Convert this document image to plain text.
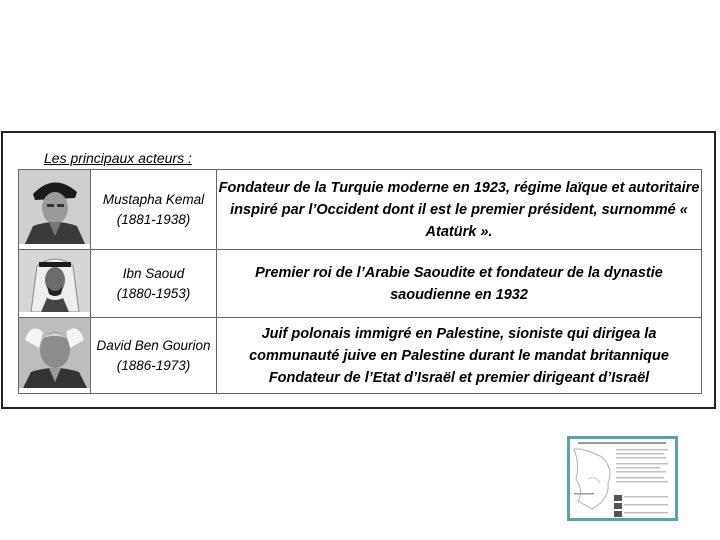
Les principaux acteurs :

Mustapha Kemal
(1881-1938)	Fondateur de la Turquie moderne en 1923, régime laïque et autoritaire inspiré par l’Occident dont il est le premier président, surnommé « Atatürk ».

Ibn Saoud
(1880-1953)	Premier roi de l’Arabie Saoudite et fondateur de la dynastie saoudienne en 1932

David Ben Gourion
(1886-1973)	Juif polonais immigré en Palestine, sioniste qui dirigea la communauté juive en Palestine durant le mandat britannique Fondateur de l’Etat d’Israël et premier dirigeant d’Israël
